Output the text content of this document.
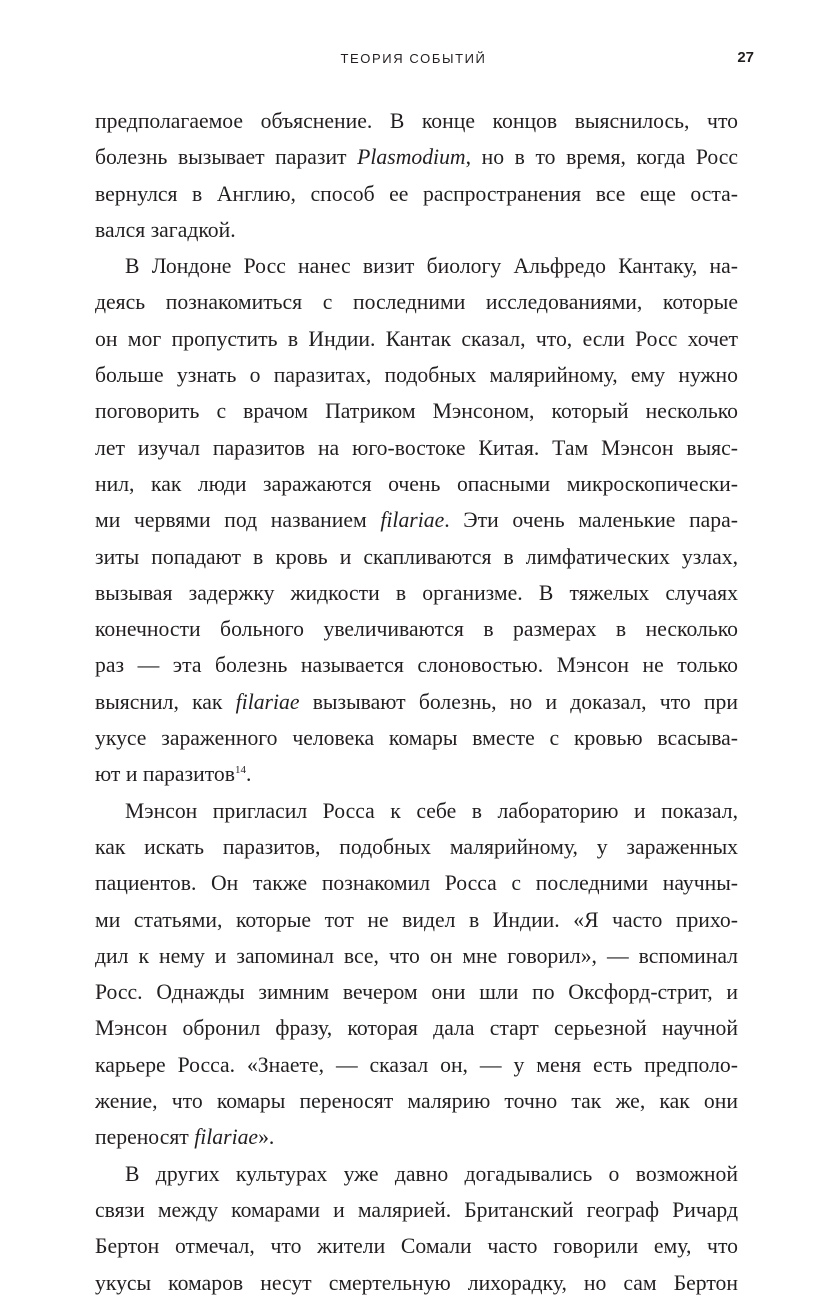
ТЕОРИЯ СОБЫТИЙ	27
предполагаемое объяснение. В конце концов выяснилось, что
болезнь вызывает паразит Plasmodium, но в то время, когда Росс
вернулся в Англию, способ ее распространения все еще оста-
вался загадкой.
В Лондоне Росс нанес визит биологу Альфредо Кантаку, на-
деясь познакомиться с последними исследованиями, которые
он мог пропустить в Индии. Кантак сказал, что, если Росс хочет
больше узнать о паразитах, подобных малярийному, ему нужно
поговорить с врачом Патриком Мэнсоном, который несколько
лет изучал паразитов на юго-востоке Китая. Там Мэнсон выяс-
нил, как люди заражаются очень опасными микроскопически-
ми червями под названием filariae. Эти очень маленькие пара-
зиты попадают в кровь и скапливаются в лимфатических узлах,
вызывая задержку жидкости в организме. В тяжелых случаях
конечности больного увеличиваются в размерах в несколько
раз — эта болезнь называется слоновостью. Мэнсон не только
выяснил, как filariae вызывают болезнь, но и доказал, что при
укусе зараженного человека комары вместе с кровью всасыва-
ют и паразитов$^{14}$.
Мэнсон пригласил Росса к себе в лабораторию и показал,
как искать паразитов, подобных малярийному, у зараженных
пациентов. Он также познакомил Росса с последними научны-
ми статьями, которые тот не видел в Индии. «Я часто прихо-
дил к нему и запоминал все, что он мне говорил», — вспоминал
Росс. Однажды зимним вечером они шли по Оксфорд-стрит, и
Мэнсон обронил фразу, которая дала старт серьезной научной
карьере Росса. «Знаете, — сказал он, — у меня есть предполо-
жение, что комары переносят малярию точно так же, как они
переносят filariae».
В других культурах уже давно догадывались о возможной
связи между комарами и малярией. Британский географ Ричард
Бертон отмечал, что жители Сомали часто говорили ему, что
укусы комаров несут смертельную лихорадку, но сам Бертон
